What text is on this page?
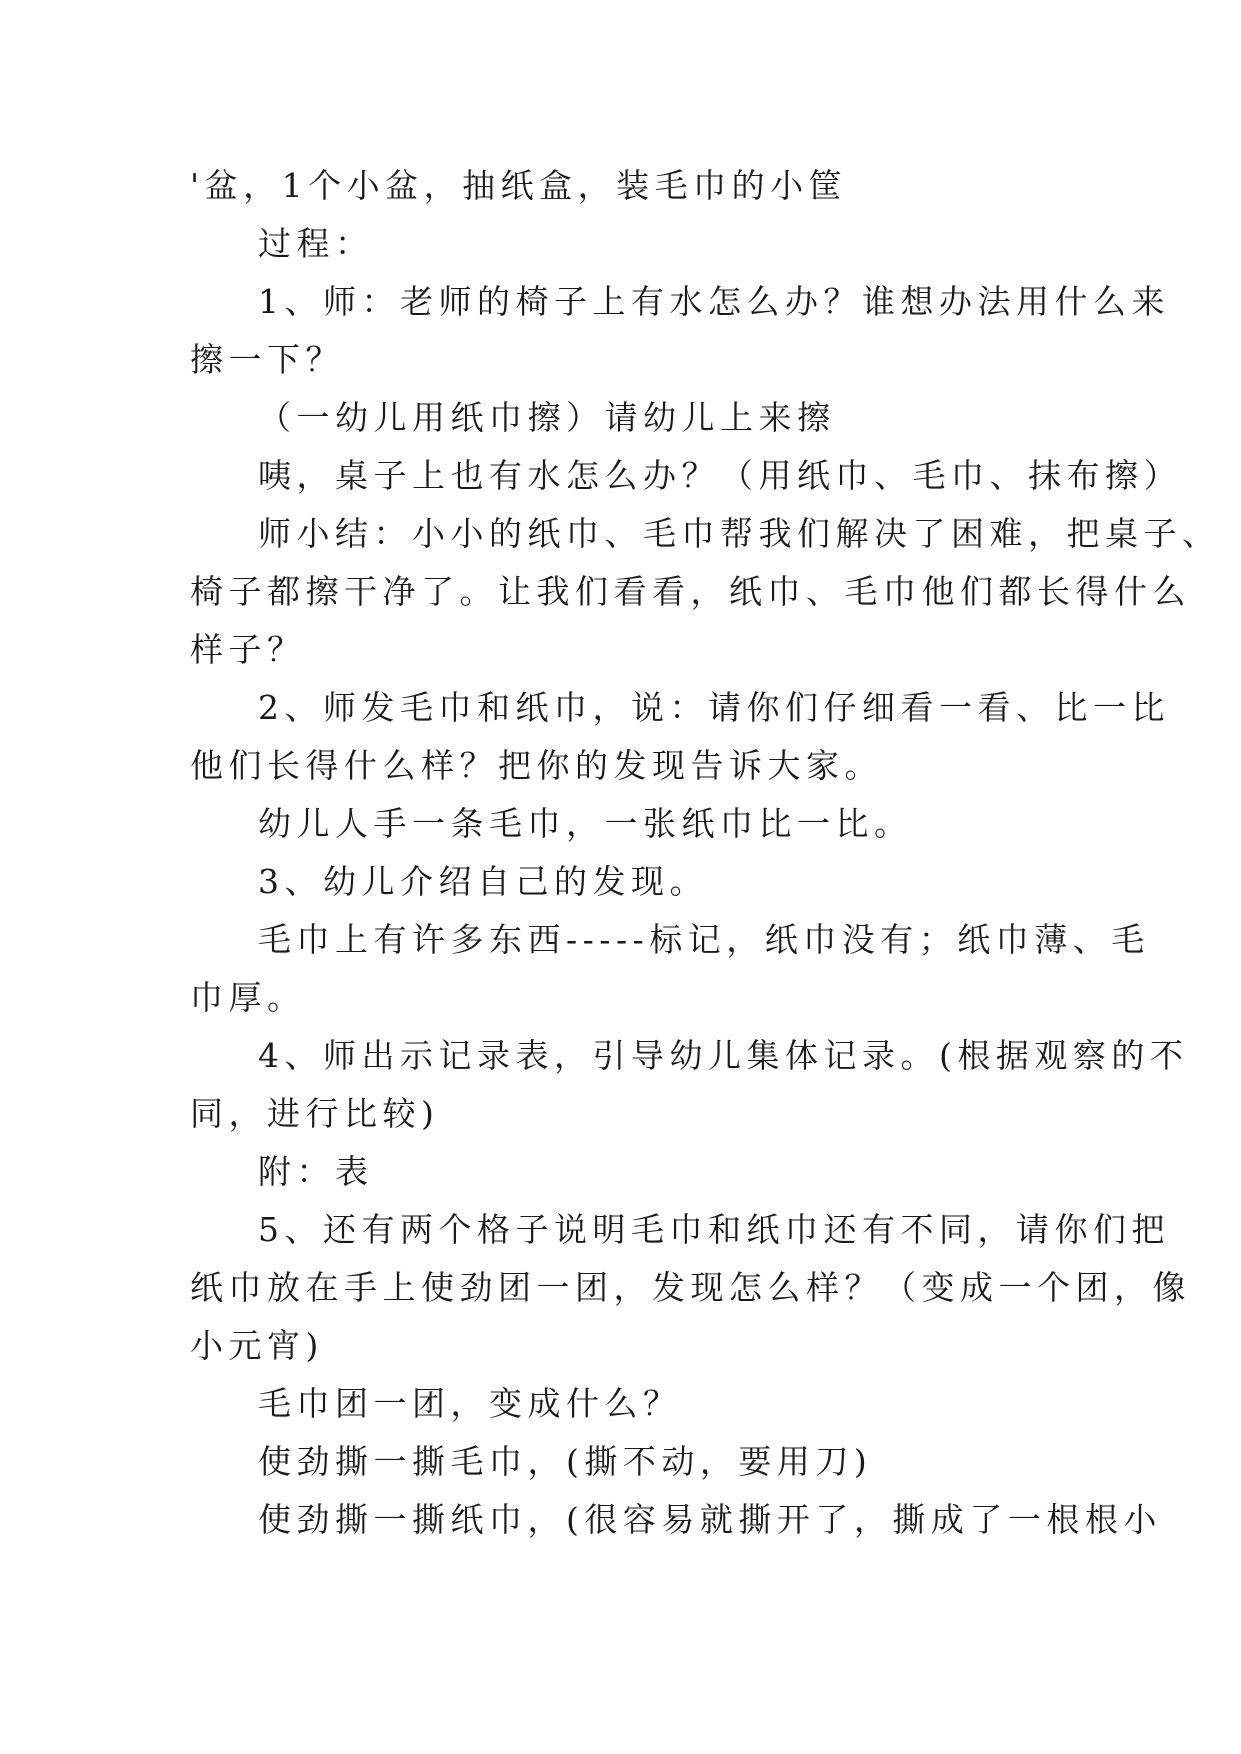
'盆，1个小盆，抽纸盒，装毛巾的小筐
过程：
1、师：老师的椅子上有水怎么办？谁想办法用什么来
擦一下？
（一幼儿用纸巾擦）请幼儿上来擦
咦，桌子上也有水怎么办？（用纸巾、毛巾、抹布擦）
师小结：小小的纸巾、毛巾帮我们解决了困难，把桌子、
椅子都擦干净了。让我们看看，纸巾、毛巾他们都长得什么
样子？
2、师发毛巾和纸巾，说：请你们仔细看一看、比一比
他们长得什么样？把你的发现告诉大家。
幼儿人手一条毛巾，一张纸巾比一比。
3、幼儿介绍自己的发现。
毛巾上有许多东西-----标记，纸巾没有；纸巾薄、毛
巾厚。
4、师出示记录表，引导幼儿集体记录。(根据观察的不
同，进行比较)
附：表
5、还有两个格子说明毛巾和纸巾还有不同，请你们把
纸巾放在手上使劲团一团，发现怎么样？（变成一个团，像
小元宵)
毛巾团一团，变成什么？
使劲撕一撕毛巾，(撕不动，要用刀)
使劲撕一撕纸巾，(很容易就撕开了，撕成了一根根小
